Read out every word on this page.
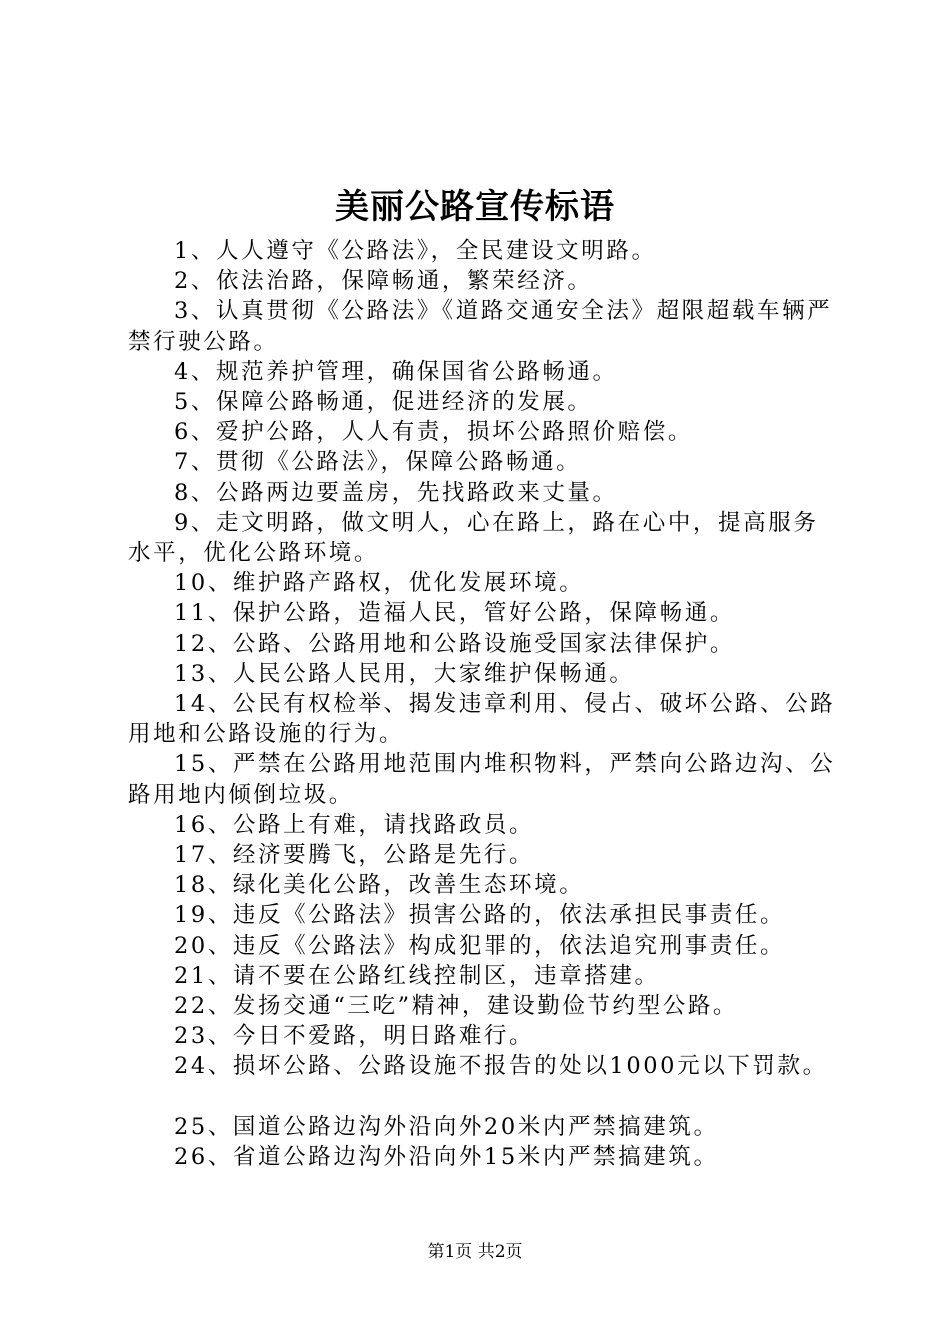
美丽公路宣传标语

1、人人遵守《公路法》，全民建设文明路。

2、依法治路，保障畅通，繁荣经济。

3、认真贯彻《公路法》《道路交通安全法》超限超载车辆严禁行驶公路。

4、规范养护管理，确保国省公路畅通。

5、保障公路畅通，促进经济的发展。

6、爱护公路，人人有责，损坏公路照价赔偿。

7、贯彻《公路法》，保障公路畅通。

8、公路两边要盖房，先找路政来丈量。

9、走文明路，做文明人，心在路上，路在心中，提高服务水平，优化公路环境。

10、维护路产路权，优化发展环境。

11、保护公路，造福人民，管好公路，保障畅通。

12、公路、公路用地和公路设施受国家法律保护。

13、人民公路人民用，大家维护保畅通。

14、公民有权检举、揭发违章利用、侵占、破坏公路、公路用地和公路设施的行为。

15、严禁在公路用地范围内堆积物料，严禁向公路边沟、公路用地内倾倒垃圾。

16、公路上有难，请找路政员。

17、经济要腾飞，公路是先行。

18、绿化美化公路，改善生态环境。

19、违反《公路法》损害公路的，依法承担民事责任。

20、违反《公路法》构成犯罪的，依法追究刑事责任。

21、请不要在公路红线控制区，违章搭建。

22、发扬交通“三吃”精神，建设勤俭节约型公路。

23、今日不爱路，明日路难行。

24、损坏公路、公路设施不报告的处以1000元以下罚款。

25、国道公路边沟外沿向外20米内严禁搞建筑。

26、省道公路边沟外沿向外15米内严禁搞建筑。

第1页 共2页
